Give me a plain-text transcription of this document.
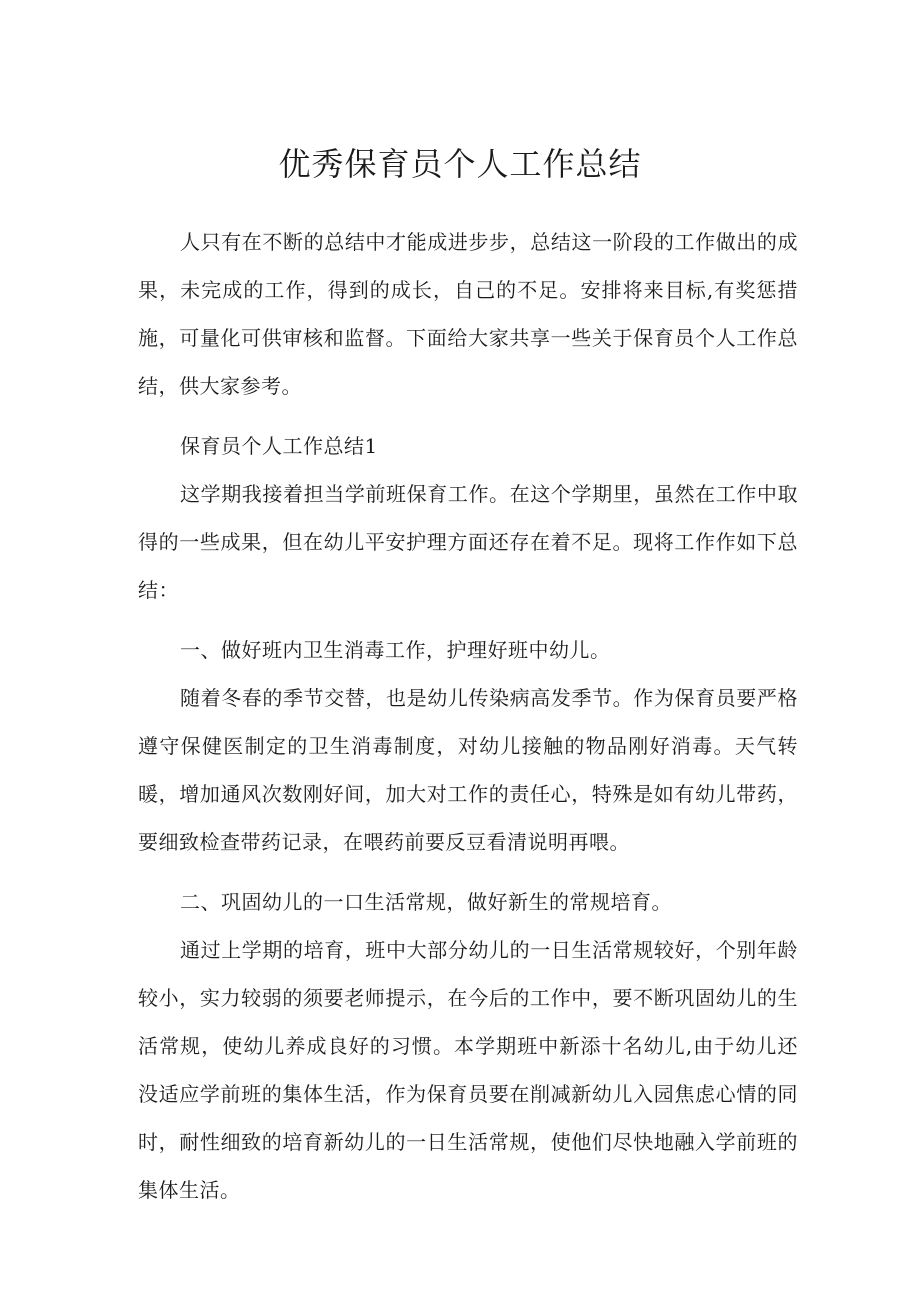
优秀保育员个人工作总结

人只有在不断的总结中才能成进步步，总结这一阶段的工作做出的成果，未完成的工作，得到的成长，自己的不足。安排将来目标,有奖惩措施，可量化可供审核和监督。下面给大家共享一些关于保育员个人工作总结，供大家参考。

保育员个人工作总结1

这学期我接着担当学前班保育工作。在这个学期里，虽然在工作中取得的一些成果，但在幼儿平安护理方面还存在着不足。现将工作作如下总结：

一、做好班内卫生消毒工作，护理好班中幼儿。

随着冬春的季节交替，也是幼儿传染病高发季节。作为保育员要严格遵守保健医制定的卫生消毒制度，对幼儿接触的物品刚好消毒。天气转暖，增加通风次数刚好间，加大对工作的责任心，特殊是如有幼儿带药，要细致检查带药记录，在喂药前要反豆看清说明再喂。

二、巩固幼儿的一口生活常规，做好新生的常规培育。

通过上学期的培育，班中大部分幼儿的一日生活常规较好，个别年龄较小，实力较弱的须要老师提示，在今后的工作中，要不断巩固幼儿的生活常规，使幼儿养成良好的习惯。本学期班中新添十名幼儿,由于幼儿还没适应学前班的集体生活，作为保育员要在削减新幼儿入园焦虑心情的同时，耐性细致的培育新幼儿的一日生活常规，使他们尽快地融入学前班的集体生活。
